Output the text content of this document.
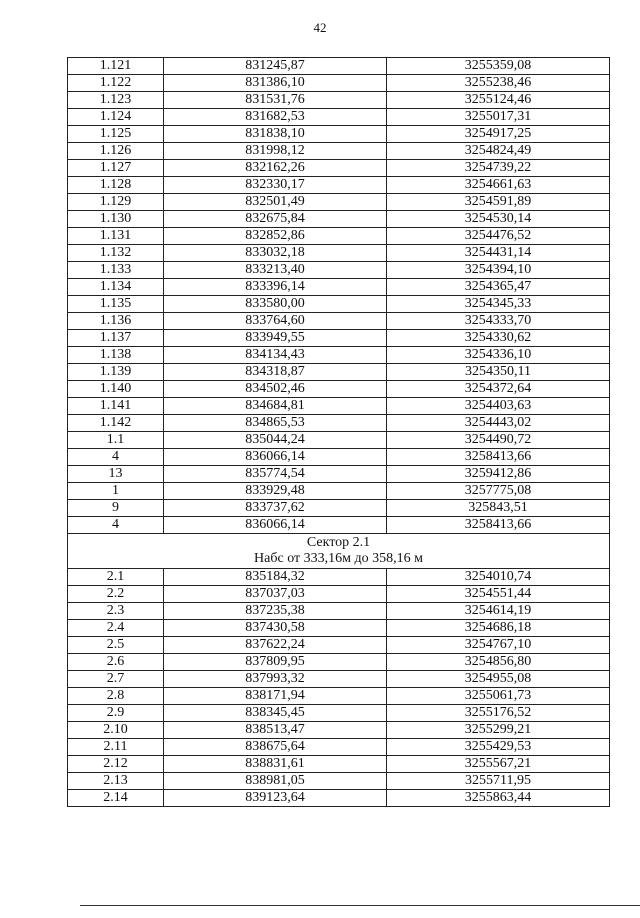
42
1.121	831245,87	3255359,08
1.122	831386,10	3255238,46
1.123	831531,76	3255124,46
1.124	831682,53	3255017,31
1.125	831838,10	3254917,25
1.126	831998,12	3254824,49
1.127	832162,26	3254739,22
1.128	832330,17	3254661,63
1.129	832501,49	3254591,89
1.130	832675,84	3254530,14
1.131	832852,86	3254476,52
1.132	833032,18	3254431,14
1.133	833213,40	3254394,10
1.134	833396,14	3254365,47
1.135	833580,00	3254345,33
1.136	833764,60	3254333,70
1.137	833949,55	3254330,62
1.138	834134,43	3254336,10
1.139	834318,87	3254350,11
1.140	834502,46	3254372,64
1.141	834684,81	3254403,63
1.142	834865,53	3254443,02
1.1	835044,24	3254490,72
4	836066,14	3258413,66
13	835774,54	3259412,86
1	833929,48	3257775,08
9	833737,62	325843,51
4	836066,14	3258413,66

Сектор 2.1
Набс от 333,16м до 358,16 м		

2.1	835184,32	3254010,74
2.2	837037,03	3254551,44
2.3	837235,38	3254614,19
2.4	837430,58	3254686,18
2.5	837622,24	3254767,10
2.6	837809,95	3254856,80
2.7	837993,32	3254955,08
2.8	838171,94	3255061,73
2.9	838345,45	3255176,52
2.10	838513,47	3255299,21
2.11	838675,64	3255429,53
2.12	838831,61	3255567,21
2.13	838981,05	3255711,95
2.14	839123,64	3255863,44
